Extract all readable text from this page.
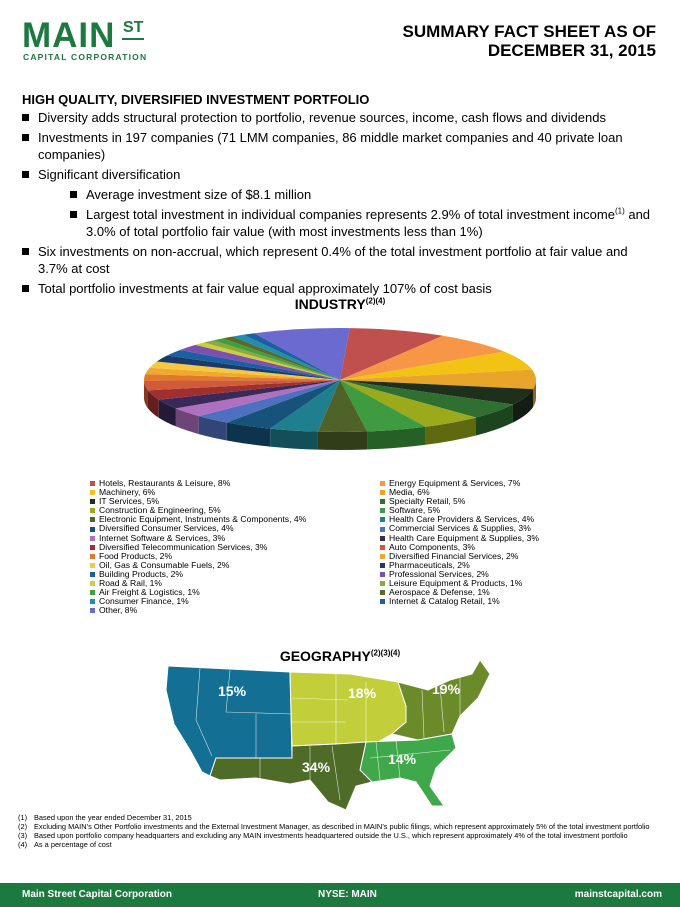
MAIN ST
CAPITAL CORPORATION
SUMMARY FACT SHEET AS OF
DECEMBER 31, 2015
HIGH QUALITY, DIVERSIFIED INVESTMENT PORTFOLIO
Diversity adds structural protection to portfolio, revenue sources, income, cash flows and dividends
Investments in 197 companies (71 LMM companies, 86 middle market companies and 40 private loan companies)
Significant diversification
Average investment size of $8.1 million
Largest total investment in individual companies represents 2.9% of total investment income$^{(1)}$ and 3.0% of total portfolio fair value (with most investments less than 1%)
Six investments on non-accrual, which represent 0.4% of the total investment portfolio at fair value and 3.7% at cost
Total portfolio investments at fair value equal approximately 107% of cost basis
$INDUSTRY^{(2)(4)}$
Hotels, Restaurants & Leisure, 8%	Energy Equipment & Services, 7%
Machinery, 6%	Media, 6%
IT Services, 5%	Specialty Retail, 5%
Construction & Engineering, 5%	Software, 5%
Electronic Equipment, Instruments & Components, 4%	Health Care Providers & Services, 4%
Diversified Consumer Services, 4%	Commercial Services & Supplies, 3%
Internet Software & Services, 3%	Health Care Equipment & Supplies, 3%
Diversified Telecommunication Services, 3%	Auto Components, 3%
Food Products, 2%	Diversified Financial Services, 2%
Oil, Gas & Consumable Fuels, 2%	Pharmaceuticals, 2%
Building Products, 2%	Professional Services, 2%
Road & Rail, 1%	Leisure Equipment & Products, 1%
Air Freight & Logistics, 1%	Aerospace & Defense, 1%
Consumer Finance, 1%	Internet & Catalog Retail, 1%
Other, 8%
$GEOGRAPHY^{(2)(3)(4)}$
15%	18%	19%
14%
34%
(1) Based upon the year ended December 31, 2015
(2) Excluding MAIN’s Other Portfolio investments and the External Investment Manager, as described in MAIN’s public filings, which represent approximately 5% of the total investment portfolio
(3) Based upon portfolio company headquarters and excluding any MAIN investments headquartered outside the U.S., which represent approximately 4% of the total investment portfolio
(4) As a percentage of cost
Main Street Capital Corporation	NYSE: MAIN	mainstcapital.com
